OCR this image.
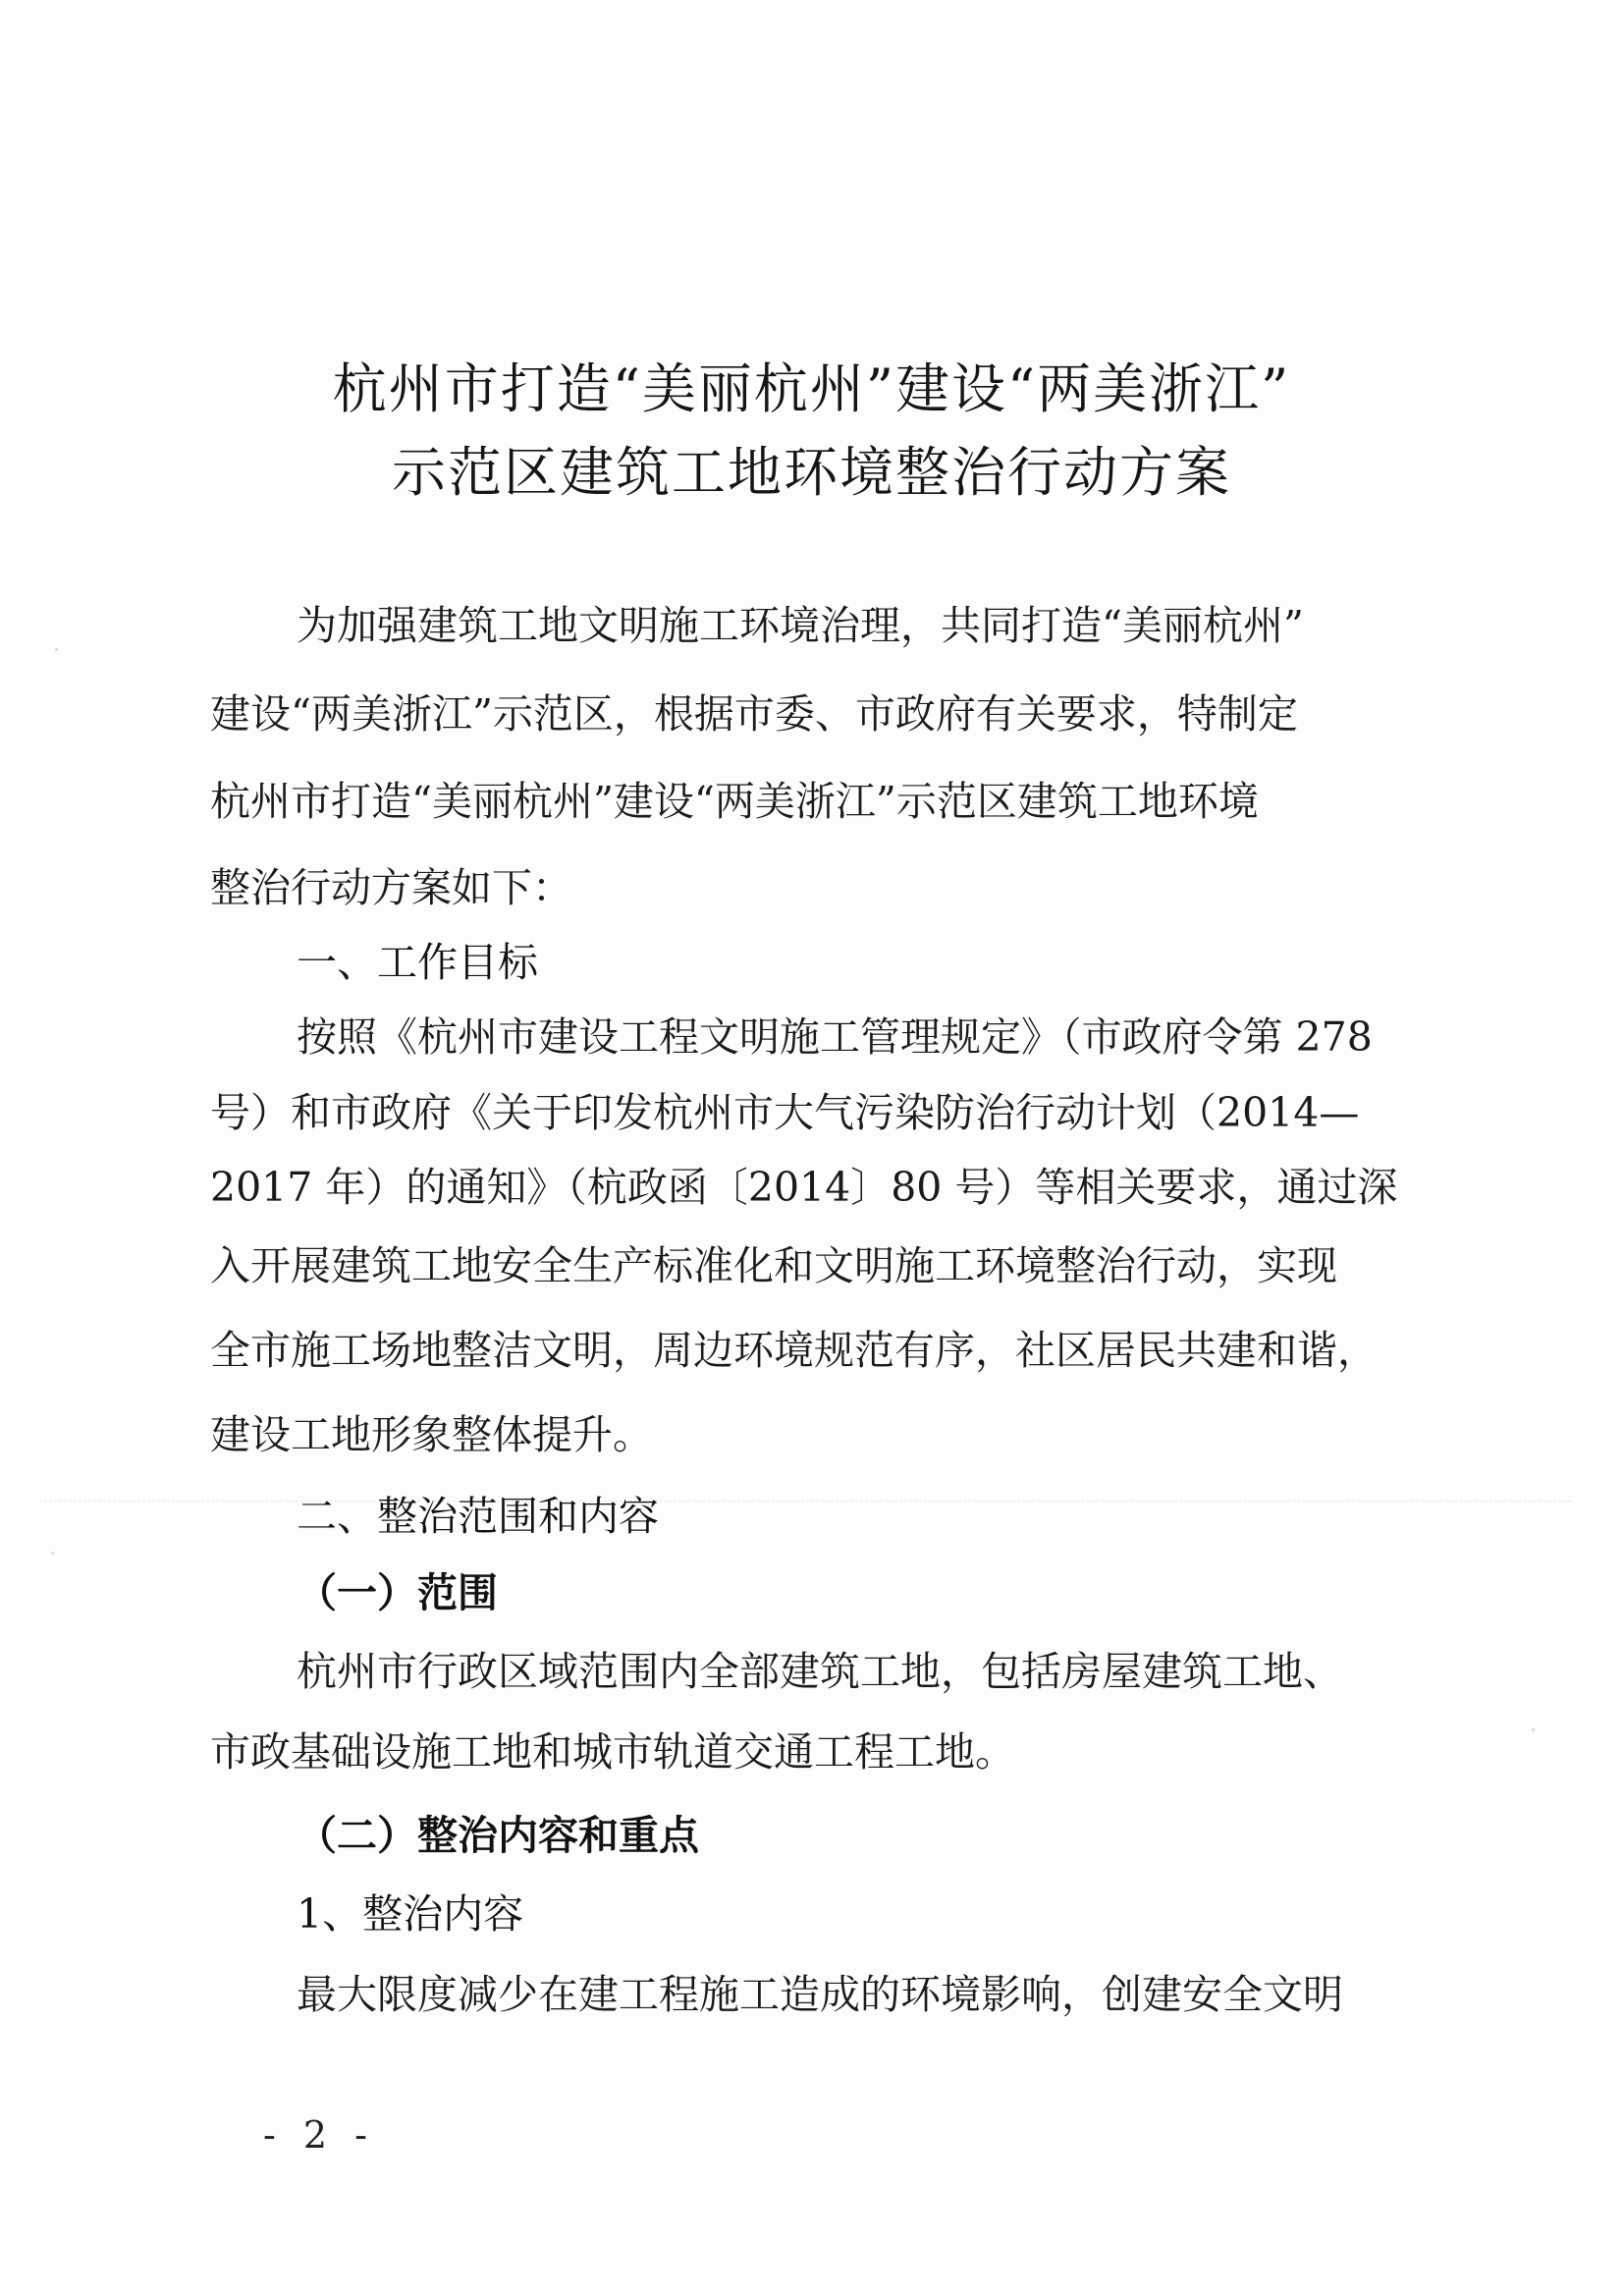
杭州市打造“美丽杭州”建设“两美浙江”
示范区建筑工地环境整治行动方案
为加强建筑工地文明施工环境治理，共同打造“美丽杭州”
建设“两美浙江”示范区，根据市委、市政府有关要求，特制定
杭州市打造“美丽杭州”建设“两美浙江”示范区建筑工地环境
整治行动方案如下：
一、工作目标
按照《杭州市建设工程文明施工管理规定》（市政府令第 278
号）和市政府《关于印发杭州市大气污染防治行动计划（2014—
2017 年）的通知》（杭政函〔2014〕80 号）等相关要求，通过深
入开展建筑工地安全生产标准化和文明施工环境整治行动，实现
全市施工场地整洁文明，周边环境规范有序，社区居民共建和谐，
建设工地形象整体提升。
二、整治范围和内容
（一）范围
杭州市行政区域范围内全部建筑工地，包括房屋建筑工地、
市政基础设施工地和城市轨道交通工程工地。
（二）整治内容和重点
1、整治内容
最大限度减少在建工程施工造成的环境影响，创建安全文明
- 2 -
